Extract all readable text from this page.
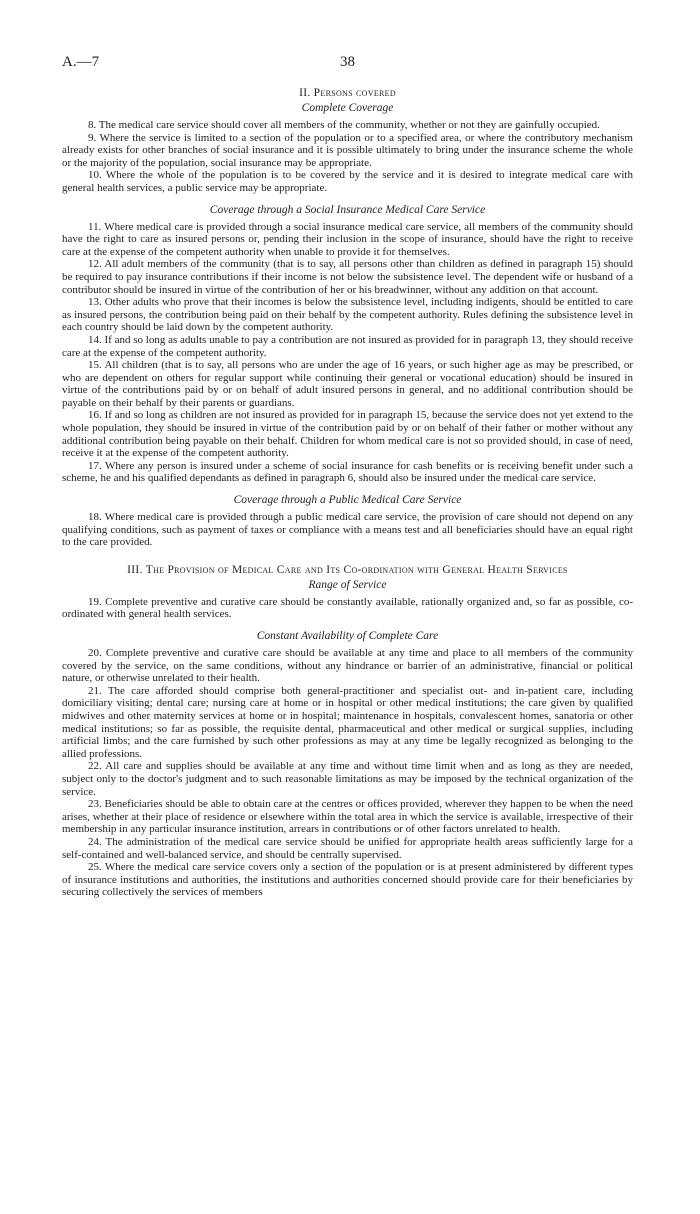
A.—7	38
II. Persons covered
Complete Coverage

8. The medical care service should cover all members of the community, whether or not they are gainfully occupied.

9. Where the service is limited to a section of the population or to a specified area, or where the contributory mechanism already exists for other branches of social insurance and it is possible ultimately to bring under the insurance scheme the whole or the majority of the population, social insurance may be appropriate.

10. Where the whole of the population is to be covered by the service and it is desired to integrate medical care with general health services, a public service may be appropriate.

Coverage through a Social Insurance Medical Care Service

11. Where medical care is provided through a social insurance medical care service, all members of the community should have the right to care as insured persons or, pending their inclusion in the scope of insurance, should have the right to receive care at the expense of the competent authority when unable to provide it for themselves.

12. All adult members of the community (that is to say, all persons other than children as defined in paragraph 15) should be required to pay insurance contributions if their income is not below the subsistence level. The dependent wife or husband of a contributor should be insured in virtue of the contribution of her or his breadwinner, without any addition on that account.

13. Other adults who prove that their incomes is below the subsistence level, including indigents, should be entitled to care as insured persons, the contribution being paid on their behalf by the competent authority. Rules defining the subsistence level in each country should be laid down by the competent authority.

14. If and so long as adults unable to pay a contribution are not insured as provided for in paragraph 13, they should receive care at the expense of the competent authority.

15. All children (that is to say, all persons who are under the age of 16 years, or such higher age as may be prescribed, or who are dependent on others for regular support while continuing their general or vocational education) should be insured in virtue of the contributions paid by or on behalf of adult insured persons in general, and no additional contribution should be payable on their behalf by their parents or guardians.

16. If and so long as children are not insured as provided for in paragraph 15, because the service does not yet extend to the whole population, they should be insured in virtue of the contribution paid by or on behalf of their father or mother without any additional contribution being payable on their behalf. Children for whom medical care is not so provided should, in case of need, receive it at the expense of the competent authority.

17. Where any person is insured under a scheme of social insurance for cash benefits or is receiving benefit under such a scheme, he and his qualified dependants as defined in paragraph 6, should also be insured under the medical care service.

Coverage through a Public Medical Care Service

18. Where medical care is provided through a public medical care service, the provision of care should not depend on any qualifying conditions, such as payment of taxes or compliance with a means test and all beneficiaries should have an equal right to the care provided.

III. The Provision of Medical Care and Its Co-ordination with General Health Services
Range of Service

19. Complete preventive and curative care should be constantly available, rationally organized and, so far as possible, co-ordinated with general health services.

Constant Availability of Complete Care

20. Complete preventive and curative care should be available at any time and place to all members of the community covered by the service, on the same conditions, without any hindrance or barrier of an administrative, financial or political nature, or otherwise unrelated to their health.

21. The care afforded should comprise both general-practitioner and specialist out- and in-patient care, including domiciliary visiting; dental care; nursing care at home or in hospital or other medical institutions; the care given by qualified midwives and other maternity services at home or in hospital; maintenance in hospitals, convalescent homes, sanatoria or other medical institutions; so far as possible, the requisite dental, pharmaceutical and other medical or surgical supplies, including artificial limbs; and the care furnished by such other professions as may at any time be legally recognized as belonging to the allied professions.

22. All care and supplies should be available at any time and without time limit when and as long as they are needed, subject only to the doctor's judgment and to such reasonable limitations as may be imposed by the technical organization of the service.

23. Beneficiaries should be able to obtain care at the centres or offices provided, wherever they happen to be when the need arises, whether at their place of residence or elsewhere within the total area in which the service is available, irrespective of their membership in any particular insurance institution, arrears in contributions or of other factors unrelated to health.

24. The administration of the medical care service should be unified for appropriate health areas sufficiently large for a self-contained and well-balanced service, and should be centrally supervised.

25. Where the medical care service covers only a section of the population or is at present administered by different types of insurance institutions and authorities, the institutions and authorities concerned should provide care for their beneficiaries by securing collectively the services of members
